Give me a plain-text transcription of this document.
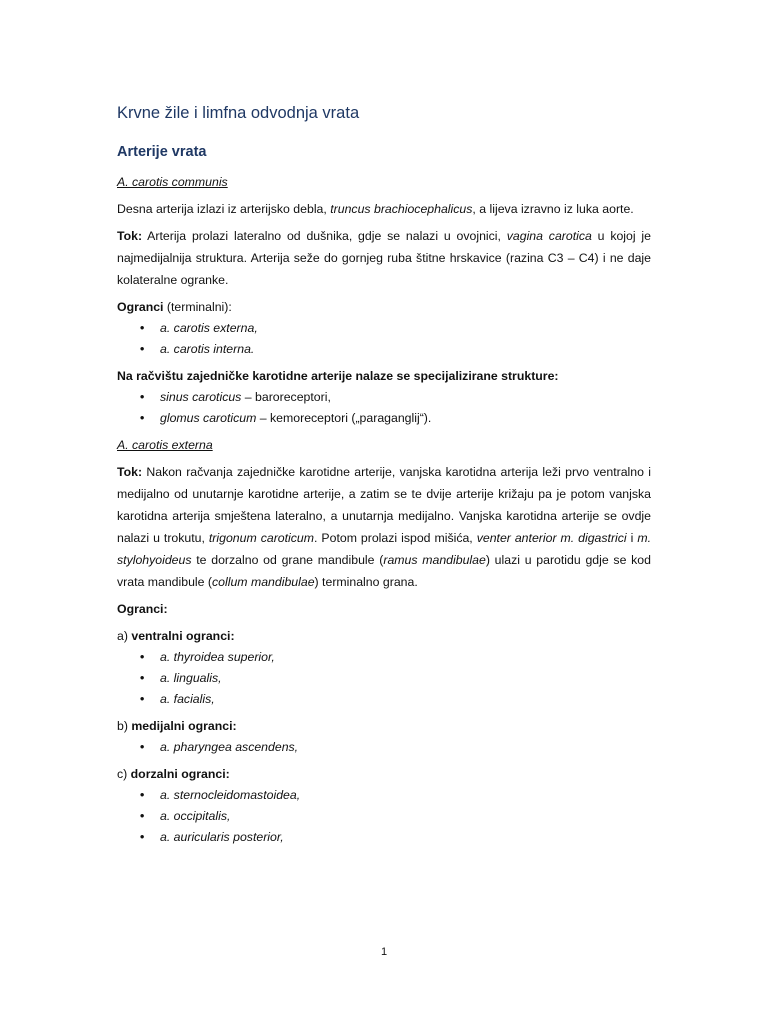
Krvne žile i limfna odvodnja vrata
Arterije vrata

A. carotis communis

Desna arterija izlazi iz arterijsko debla, truncus brachiocephalicus, a lijeva izravno iz luka aorte.

Tok: Arterija prolazi lateralno od dušnika, gdje se nalazi u ovojnici, vagina carotica u kojoj je najmedijalnija struktura. Arterija seže do gornjeg ruba štitne hrskavice (razina C3 – C4) i ne daje kolateralne ogranke.

Ogranci (terminalni):

• a. carotis externa,
• a. carotis interna.

Na račvištu zajedničke karotidne arterije nalaze se specijalizirane strukture:

• sinus caroticus – baroreceptori,
• glomus caroticum – kemoreceptori („paraganglij“).

A. carotis externa

Tok: Nakon račvanja zajedničke karotidne arterije, vanjska karotidna arterija leži prvo ventralno i medijalno od unutarnje karotidne arterije, a zatim se te dvije arterije križaju pa je potom vanjska karotidna arterija smještena lateralno, a unutarnja medijalno. Vanjska karotidna arterije se ovdje nalazi u trokutu, trigonum caroticum. Potom prolazi ispod mišića, venter anterior m. digastrici i m. stylohyoideus te dorzalno od grane mandibule (ramus mandibulae) ulazi u parotidu gdje se kod vrata mandibule (collum mandibulae) terminalno grana.

Ogranci:

a) ventralni ogranci:

• a. thyroidea superior,
• a. lingualis,
• a. facialis,

b) medijalni ogranci:

• a. pharyngea ascendens,

c) dorzalni ogranci:

• a. sternocleidomastoidea,
• a. occipitalis,
• a. auricularis posterior,
1
